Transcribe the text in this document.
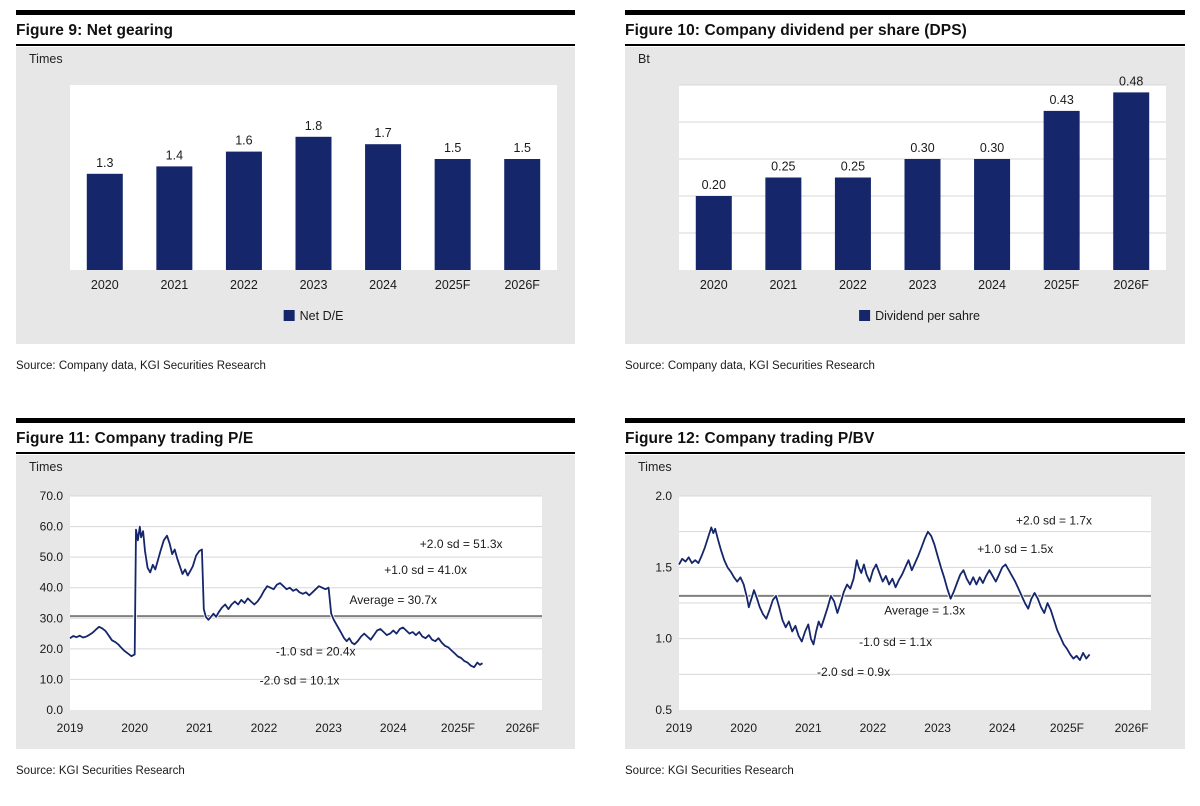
Figure 9: Net gearing
Times
1.3
2020
1.4
2021
1.6
2022
1.8
2023
1.7
2024
1.5
2025F
1.5
2026F
Net D/E
Source: Company data, KGI Securities Research
Figure 10: Company dividend per share (DPS)
Bt
0.20
2020
0.25
2021
0.25
2022
0.30
2023
0.30
2024
0.43
2025F
0.48
2026F
Dividend per sahre
Source: Company data, KGI Securities Research
Figure 11: Company trading P/E
Times
70.0
60.0
50.0
40.0
30.0
20.0
10.0
0.0
2019	2020	2021	2022	2023	2024	2025F	2026F
+2.0 sd = 51.3x
+1.0 sd = 41.0x
Average = 30.7x
-1.0 sd = 20.4x
-2.0 sd = 10.1x
Source: KGI Securities Research
Figure 12: Company trading P/BV
Times
2.0
1.5
1.0
0.5
2019	2020	2021	2022	2023	2024	2025F	2026F
+2.0 sd = 1.7x
+1.0 sd = 1.5x
Average = 1.3x
-1.0 sd = 1.1x
-2.0 sd = 0.9x
Source: KGI Securities Research
